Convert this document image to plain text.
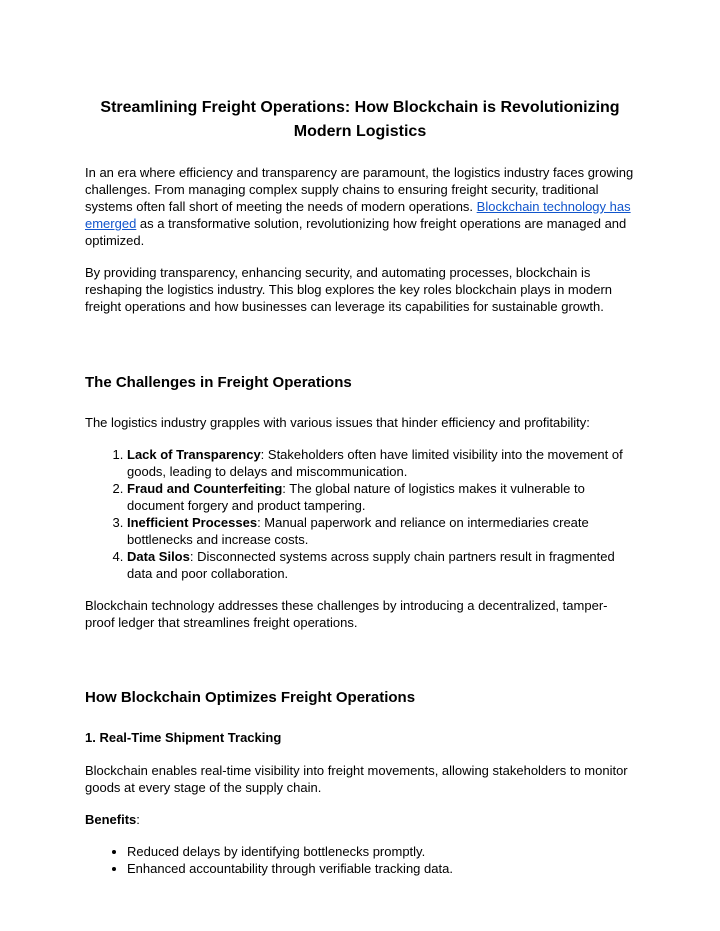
Streamlining Freight Operations: How Blockchain is Revolutionizing Modern Logistics

In an era where efficiency and transparency are paramount, the logistics industry faces growing challenges. From managing complex supply chains to ensuring freight security, traditional systems often fall short of meeting the needs of modern operations. Blockchain technology has emerged as a transformative solution, revolutionizing how freight operations are managed and optimized.

By providing transparency, enhancing security, and automating processes, blockchain is reshaping the logistics industry. This blog explores the key roles blockchain plays in modern freight operations and how businesses can leverage its capabilities for sustainable growth.

The Challenges in Freight Operations

The logistics industry grapples with various issues that hinder efficiency and profitability:

1. Lack of Transparency: Stakeholders often have limited visibility into the movement of goods, leading to delays and miscommunication.
2. Fraud and Counterfeiting: The global nature of logistics makes it vulnerable to document forgery and product tampering.
3. Inefficient Processes: Manual paperwork and reliance on intermediaries create bottlenecks and increase costs.
4. Data Silos: Disconnected systems across supply chain partners result in fragmented data and poor collaboration.

Blockchain technology addresses these challenges by introducing a decentralized, tamper-proof ledger that streamlines freight operations.

How Blockchain Optimizes Freight Operations
1. Real-Time Shipment Tracking

Blockchain enables real-time visibility into freight movements, allowing stakeholders to monitor goods at every stage of the supply chain.

Benefits:

• Reduced delays by identifying bottlenecks promptly.
• Enhanced accountability through verifiable tracking data.
